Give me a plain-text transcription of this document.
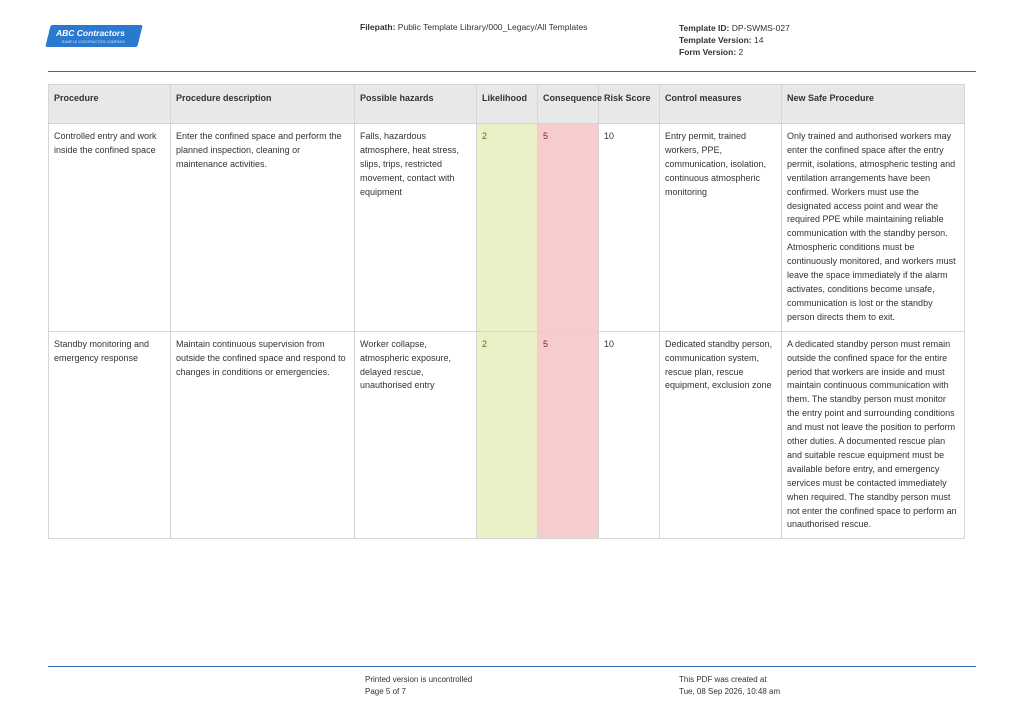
ABC Contractors
SAMPLE CONTRACTOR COMPANY
Filepath: Public Template Library/000_Legacy/All Templates	Template ID: DP-SWMS-027
Template Version: 14
Form Version: 2
Procedure	Procedure description	Possible hazards	Likelihood	Consequence	Risk Score	Control measures	New Safe Procedure
Controlled entry and work inside the confined space	Enter the confined space and perform the planned inspection, cleaning or maintenance activities.	Falls, hazardous atmosphere, heat stress, slips, trips, restricted movement, contact with equipment	2	5	10	Entry permit, trained workers, PPE, communication, isolation, continuous atmospheric monitoring	Only trained and authorised workers may enter the confined space after the entry permit, isolations, atmospheric testing and ventilation arrangements have been confirmed. Workers must use the designated access point and wear the required PPE while maintaining reliable communication with the standby person. Atmospheric conditions must be continuously monitored, and workers must leave the space immediately if the alarm activates, conditions become unsafe, communication is lost or the standby person directs them to exit.
Standby monitoring and emergency response	Maintain continuous supervision from outside the confined space and respond to changes in conditions or emergencies.	Worker collapse, atmospheric exposure, delayed rescue, unauthorised entry	2	5	10	Dedicated standby person, communication system, rescue plan, rescue equipment, exclusion zone	A dedicated standby person must remain outside the confined space for the entire period that workers are inside and must maintain continuous communication with them. The standby person must monitor the entry point and surrounding conditions and must not leave the position to perform other duties. A documented rescue plan and suitable rescue equipment must be available before entry, and emergency services must be contacted immediately when required. The standby person must not enter the confined space to perform an unauthorised rescue.
Printed version is uncontrolled
Page 5 of 7
This PDF was created at
Tue, 08 Sep 2026, 10:48 am
